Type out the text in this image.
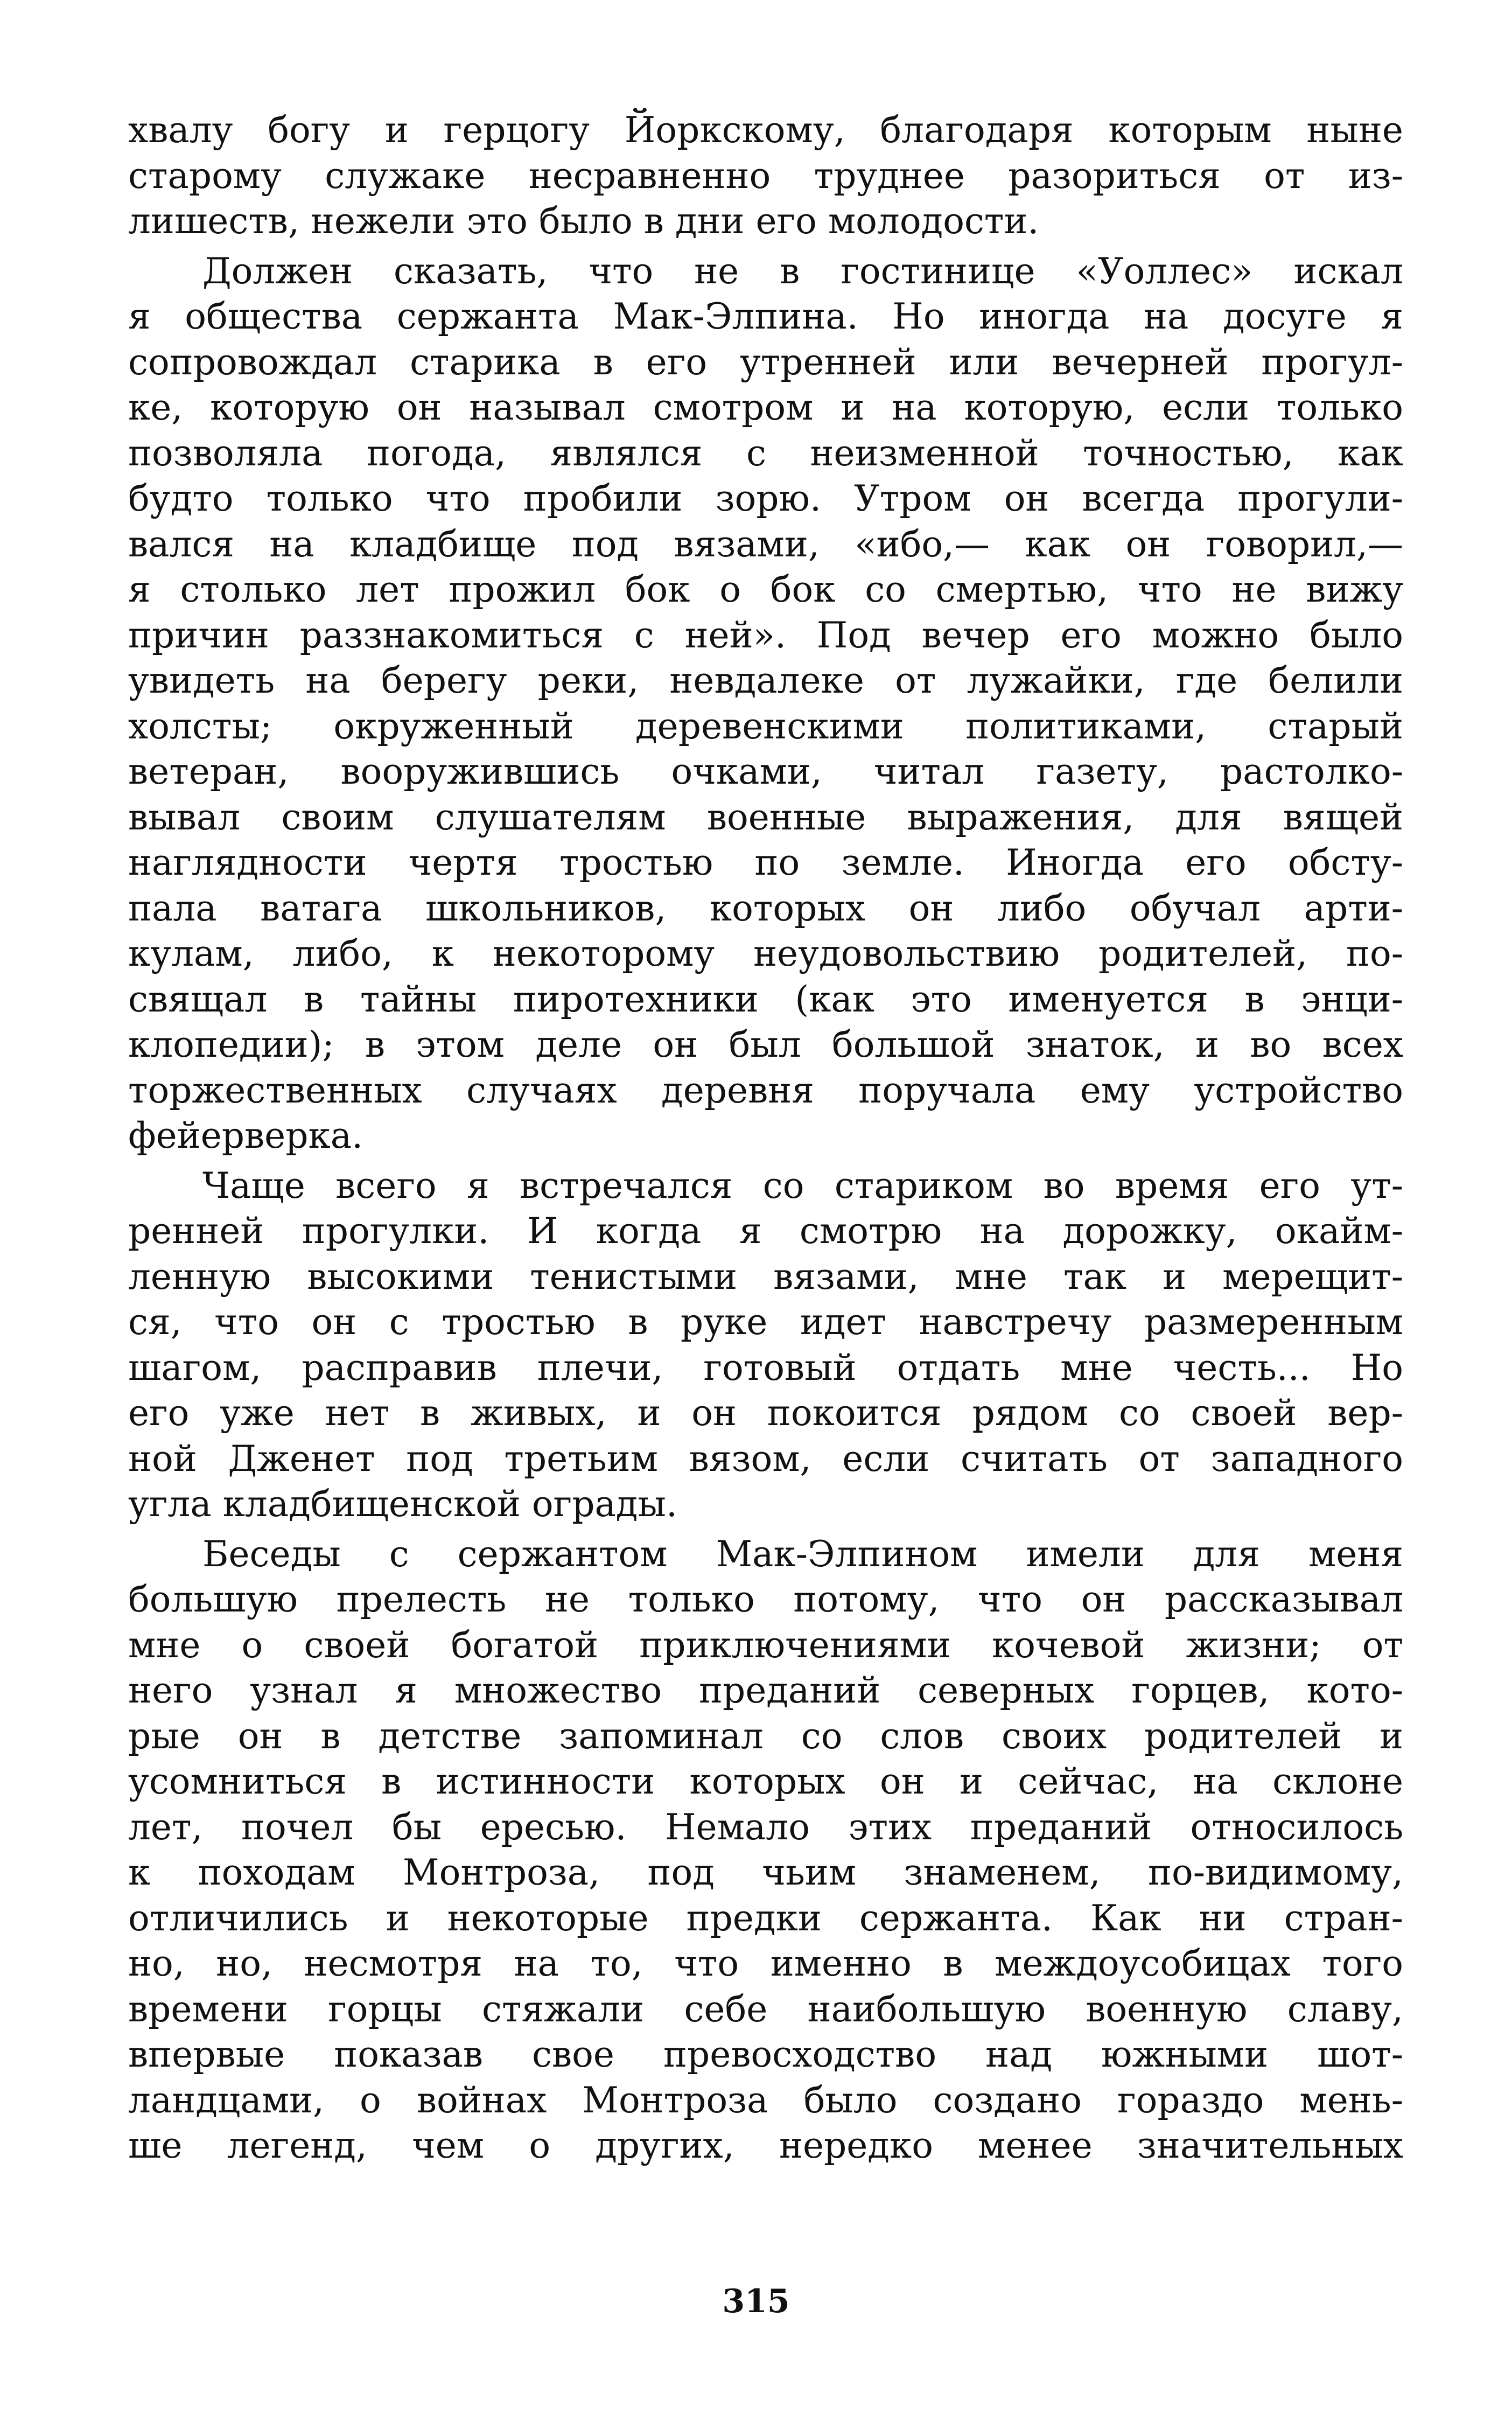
хвалу богу и герцогу Йоркскому, благодаря которым ныне
старому служаке несравненно труднее разориться от из-
лишеств, нежели это было в дни его молодости.
Должен сказать, что не в гостинице «Уоллес» искал
я общества сержанта Мак-Элпина. Но иногда на досуге я
сопровождал старика в его утренней или вечерней прогул-
ке, которую он называл смотром и на которую, если только
позволяла погода, являлся с неизменной точностью, как
будто только что пробили зорю. Утром он всегда прогули-
вался на кладбище под вязами, «ибо,— как он говорил,—
я столько лет прожил бок о бок со смертью, что не вижу
причин раззнакомиться с ней». Под вечер его можно было
увидеть на берегу реки, невдалеке от лужайки, где белили
холсты; окруженный деревенскими политиками, старый
ветеран, вооружившись очками, читал газету, растолко-
вывал своим слушателям военные выражения, для вящей
наглядности чертя тростью по земле. Иногда его обсту-
пала ватага школьников, которых он либо обучал арти-
кулам, либо, к некоторому неудовольствию родителей, по-
свящал в тайны пиротехники (как это именуется в энци-
клопедии); в этом деле он был большой знаток, и во всех
торжественных случаях деревня поручала ему устройство
фейерверка.
Чаще всего я встречался со стариком во время его ут-
ренней прогулки. И когда я смотрю на дорожку, окайм-
ленную высокими тенистыми вязами, мне так и мерещит-
ся, что он с тростью в руке идет навстречу размеренным
шагом, расправив плечи, готовый отдать мне честь... Но
его уже нет в живых, и он покоится рядом со своей вер-
ной Дженет под третьим вязом, если считать от западного
угла кладбищенской ограды.
Беседы с сержантом Мак-Элпином имели для меня
большую прелесть не только потому, что он рассказывал
мне о своей богатой приключениями кочевой жизни; от
него узнал я множество преданий северных горцев, кото-
рые он в детстве запоминал со слов своих родителей и
усомниться в истинности которых он и сейчас, на склоне
лет, почел бы ересью. Немало этих преданий относилось
к походам Монтроза, под чьим знаменем, по-видимому,
отличились и некоторые предки сержанта. Как ни стран-
но, но, несмотря на то, что именно в междоусобицах того
времени горцы стяжали себе наибольшую военную славу,
впервые показав свое превосходство над южными шот-
ландцами, о войнах Монтроза было создано гораздо мень-
ше легенд, чем о других, нередко менее значительных
315
